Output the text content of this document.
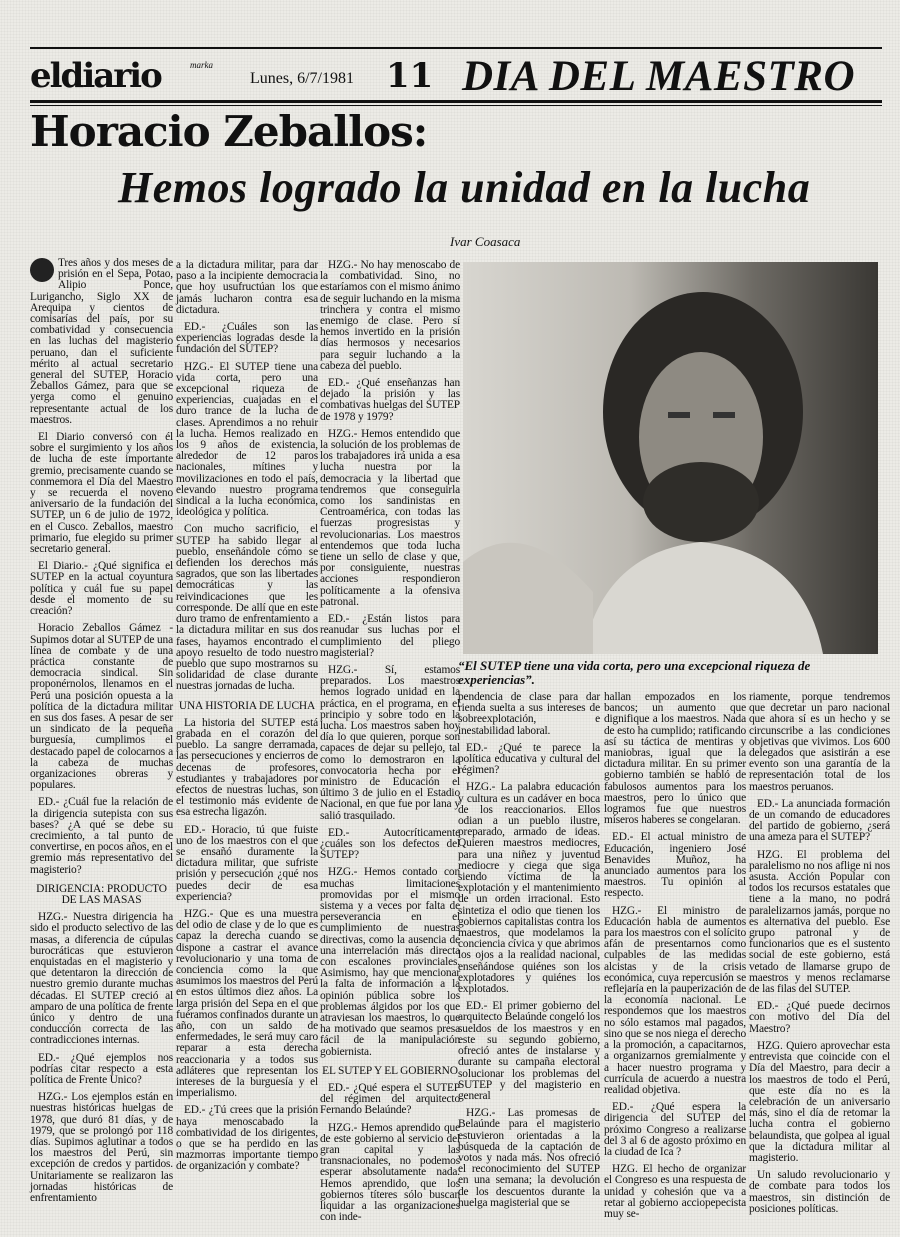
eldiario	marka
Lunes, 6/7/1981 11 DIA DEL MAESTRO
Horacio Zeballos:
Hemos logrado la unidad en la lucha
Ivar Coasaca

Tres años y dos meses de prisión en el Sepa, Potao, Alipio Ponce, Lurigancho, Siglo XX de Arequipa y cientos de comisarías del país, por su combatividad y consecuencia en las luchas del magisterio peruano, dan el suficiente mérito al actual secretario general del SUTEP, Horacio Zeballos Gámez, para que se yerga como el genuino representante actual de los maestros.

El Diario conversó con él sobre el surgimiento y los años de lucha de este importante gremio, precisamente cuando se conmemora el Día del Maestro y se recuerda el noveno aniversario de la fundación del SUTEP, un 6 de julio de 1972, en el Cusco. Zeballos, maestro primario, fue elegido su primer secretario general.

El Diario.- ¿Qué significa el SUTEP en la actual coyuntura política y cuál fue su papel desde el momento de su creación?

Horacio Zeballos Gámez -Supimos dotar al SUTEP de una línea de combate y de una práctica constante de democracia sindical. Sin proponérnolos, llenamos en el Perú una posición opuesta a la política de la dictadura militar en sus dos fases. A pesar de ser un sindicato de la pequeña burguesía, cumplimos el destacado papel de colocarnos a la cabeza de muchas organizaciones obreras y populares.

ED.- ¿Cuál fue la relación de la dirigencia sutepista con sus bases? ¿A qué se debe su crecimiento, a tal punto de convertirse, en pocos años, en el gremio más representativo del magisterio?

DIRIGENCIA: PRODUCTO DE LAS MASAS

HZG.- Nuestra dirigencia ha sido el producto selectivo de las masas, a diferencia de cúpulas burocráticas que estuvieron enquistadas en el magisterio y que detentaron la dirección de nuestro gremio durante muchas décadas. El SUTEP creció al amparo de una política de frente único y dentro de una conducción correcta de las contradicciones internas.

ED.- ¿Qué ejemplos nos podrías citar respecto a esta política de Frente Unico?

HZG.- Los ejemplos están en nuestras históricas huelgas de 1978, que duró 81 días, y de 1979, que se prolongó por 118 días. Supimos aglutinar a todos los maestros del Perú, sin excepción de credos y partidos. Unitariamente se realizaron las jornadas históricas de enfrentamiento

a la dictadura militar, para dar paso a la incipiente democracia que hoy usufructúan los que jamás lucharon contra esa dictadura.

ED.- ¿Cuáles son las experiencias logradas desde la fundación del SUTEP?

HZG.- El SUTEP tiene una vida corta, pero una excepcional riqueza de experiencias, cuajadas en el duro trance de la lucha de clases. Aprendimos a no rehuir la lucha. Hemos realizado en los 9 años de existencia, alrededor de 12 paros nacionales, mítines y movilizaciones en todo el país, elevando nuestro programa sindical a la lucha económica, ideológica y política.

Con mucho sacrificio, el SUTEP ha sabido llegar al pueblo, enseñándole cómo se defienden los derechos más sagrados, que son las libertades democráticas y las reivindicaciones que les corresponde. De allí que en este duro tramo de enfrentamiento a la dictadura militar en sus dos fases, hayamos encontrado el apoyo resuelto de todo nuestro pueblo que supo mostrarnos su solidaridad de clase durante nuestras jornadas de lucha.

UNA HISTORIA DE LUCHA

La historia del SUTEP está grabada en el corazón del pueblo. La sangre derramada, las persecuciones y encierros de decenas de profesores, estudiantes y trabajadores por efectos de nuestras luchas, son el testimonio más evidente de esa estrecha ligazón.

ED.- Horacio, tú que fuiste uno de los maestros con el que se ensañó duramente la dictadura militar, que sufriste prisión y persecución ¿qué nos puedes decir de esa experiencia?

HZG.- Que es una muestra del odio de clase y de lo que es capaz la derecha cuando se dispone a castrar el avance revolucionario y una toma de conciencia como la que asumimos los maestros del Perú en estos últimos diez años. La larga prisión del Sepa en el que fuéramos confinados durante un año, con un saldo de enfermedades, le será muy caro reparar a esta derecha reaccionaria y a todos sus adláteres que representan los intereses de la burguesía y el imperialismo.

ED.- ¿Tú crees que la prisión haya menoscabado la combatividad de los dirigentes, o que se ha perdido en las mazmorras importante tiempo de organización y combate?

HZG.- No hay menoscabo de la combatividad. Sino, no estaríamos con el mismo ánimo de seguir luchando en la misma trinchera y contra el mismo enemigo de clase. Pero sí hemos invertido en la prisión días hermosos y necesarios para seguir luchando a la cabeza del pueblo.

ED.- ¿Qué enseñanzas han dejado la prisión y las combativas huelgas del SUTEP de 1978 y 1979?

HZG.- Hemos entendido que la solución de los problemas de los trabajadores irá unida a esa lucha nuestra por la democracia y la libertad que tendremos que conseguirla como los sandinistas en Centroamérica, con todas las fuerzas progresistas y revolucionarias. Los maestros entendemos que toda lucha tiene un sello de clase y que, por consiguiente, nuestras acciones respondieron políticamente a la ofensiva patronal.

ED.- ¿Están listos para reanudar sus luchas por el cumplimiento del pliego magisterial?

HZG.- Sí, estamos preparados. Los maestros hemos logrado unidad en la práctica, en el programa, en el principio y sobre todo en la lucha. Los maestros saben hoy día lo que quieren, porque son capaces de dejar su pellejo, tal como lo demostraron en la convocatoria hecha por el ministro de Educación el último 3 de julio en el Estadio Nacional, en que fue por lana y salió trasquilado.

ED.- Autocríticamente ¿cuáles son los defectos del SUTEP?

HZG.- Hemos contado con muchas limitaciones promovidas por el mismo sistema y a veces por falta de perseverancia en el cumplimiento de nuestras directivas, como la ausencia de una interrelación más directa con escalones provinciales. Asimismo, hay que mencionar la falta de información a la opinión pública sobre los problemas álgidos por los que atraviesan los maestros, lo que ha motivado que seamos presa fácil de la manipulación gobiernista.

EL SUTEP Y EL GOBIERNO

ED.- ¿Qué espera el SUTEP del régimen del arquitecto Fernando Belaúnde?

HZG.- Hemos aprendido que de este gobierno al servicio del gran capital y las transnacionales, no podemos esperar absolutamente nada. Hemos aprendido, que los gobiernos títeres sólo buscan liquidar a las organizaciones con inde-

“El SUTEP tiene una vida corta, pero una excepcional riqueza de experiencias”.

pendencia de clase para dar rienda suelta a sus intereses de sobreexplotación, e inestabilidad laboral.

ED.- ¿Qué te parece la política educativa y cultural del régimen?

HZG.- La palabra educación y cultura es un cadáver en boca de los reaccionarios. Ellos odian a un pueblo ilustre, preparado, armado de ideas. Quieren maestros mediocres, para una niñez y juventud mediocre y ciega que siga siendo víctima de la explotación y el mantenimiento de un orden irracional. Esto sintetiza el odio que tienen los gobiernos capitalistas contra los maestros, que modelamos la conciencia cívica y que abrimos los ojos a la realidad nacional, enseñándose quiénes son los explotadores y quiénes los explotados.

ED.- El primer gobierno del arquitecto Belaúnde congeló los sueldos de los maestros y en este su segundo gobierno, ofreció antes de instalarse y durante su campaña electoral solucionar los problemas del SUTEP y del magisterio en general

HZG.- Las promesas de Belaúnde para el magisterio estuvieron orientadas a la búsqueda de la captación de votos y nada más. Nos ofreció el reconocimiento del SUTEP en una semana; la devolución de los descuentos durante la huelga magisterial que se

hallan empozados en los bancos; un aumento que dignifique a los maestros. Nada de esto ha cumplido; ratificando así su táctica de mentiras y maniobras, igual que la dictadura militar. En su primer gobierno también se habló de fabulosos aumentos para los maestros, pero lo único que logramos fue que nuestros míseros haberes se congelaran.

ED.- El actual ministro de Educación, ingeniero José Benavides Muñoz, ha anunciado aumentos para los maestros. Tu opinión al respecto.

HZG.- El ministro de Educación habla de aumentos para los maestros con el solícito afán de presentarnos como culpables de las medidas alcistas y de la crisis económica, cuya repercusión se reflejaría en la pauperización de la economía nacional. Le respondemos que los maestros no sólo estamos mal pagados, sino que se nos niega el derecho a la promoción, a capacitarnos, a organizarnos gremialmente y a hacer nuestro programa y currícula de acuerdo a nuestra realidad objetiva.

ED.- ¿Qué espera la dirigencia del SUTEP del próximo Congreso a realizarse del 3 al 6 de agosto próximo en la ciudad de Ica ?

HZG. El hecho de organizar el Congreso es una respuesta de unidad y cohesión que va a retar al gobierno acciopepecista muy se-

riamente, porque tendremos que decretar un paro nacional que ahora sí es un hecho y se circunscribe a las condiciones objetivas que vivimos. Los 600 delegados que asistirán a ese evento son una garantía de la representación total de los maestros peruanos.

ED.- La anunciada formación de un comando de educadores del partido de gobierno, ¿será una ameza para el SUTEP?

HZG. El problema del paralelismo no nos aflige ni nos asusta. Acción Popular con todos los recursos estatales que tiene a la mano, no podrá paralelizarnos jamás, porque no es alternativa del pueblo. Ese grupo patronal y de funcionarios que es el sustento social de este gobierno, está vetado de llamarse grupo de maestros y menos reclamarse de las filas del SUTEP.

ED.- ¿Qué puede decirnos con motivo del Día del Maestro?

HZG. Quiero aprovechar esta entrevista que coincide con el Día del Maestro, para decir a los maestros de todo el Perú, que este día no es la celebración de un aniversario más, sino el día de retomar la lucha contra el gobierno belaundista, que golpea al igual que la dictadura militar al magisterio.

Un saludo revolucionario y de combate para todos los maestros, sin distinción de posiciones políticas.
